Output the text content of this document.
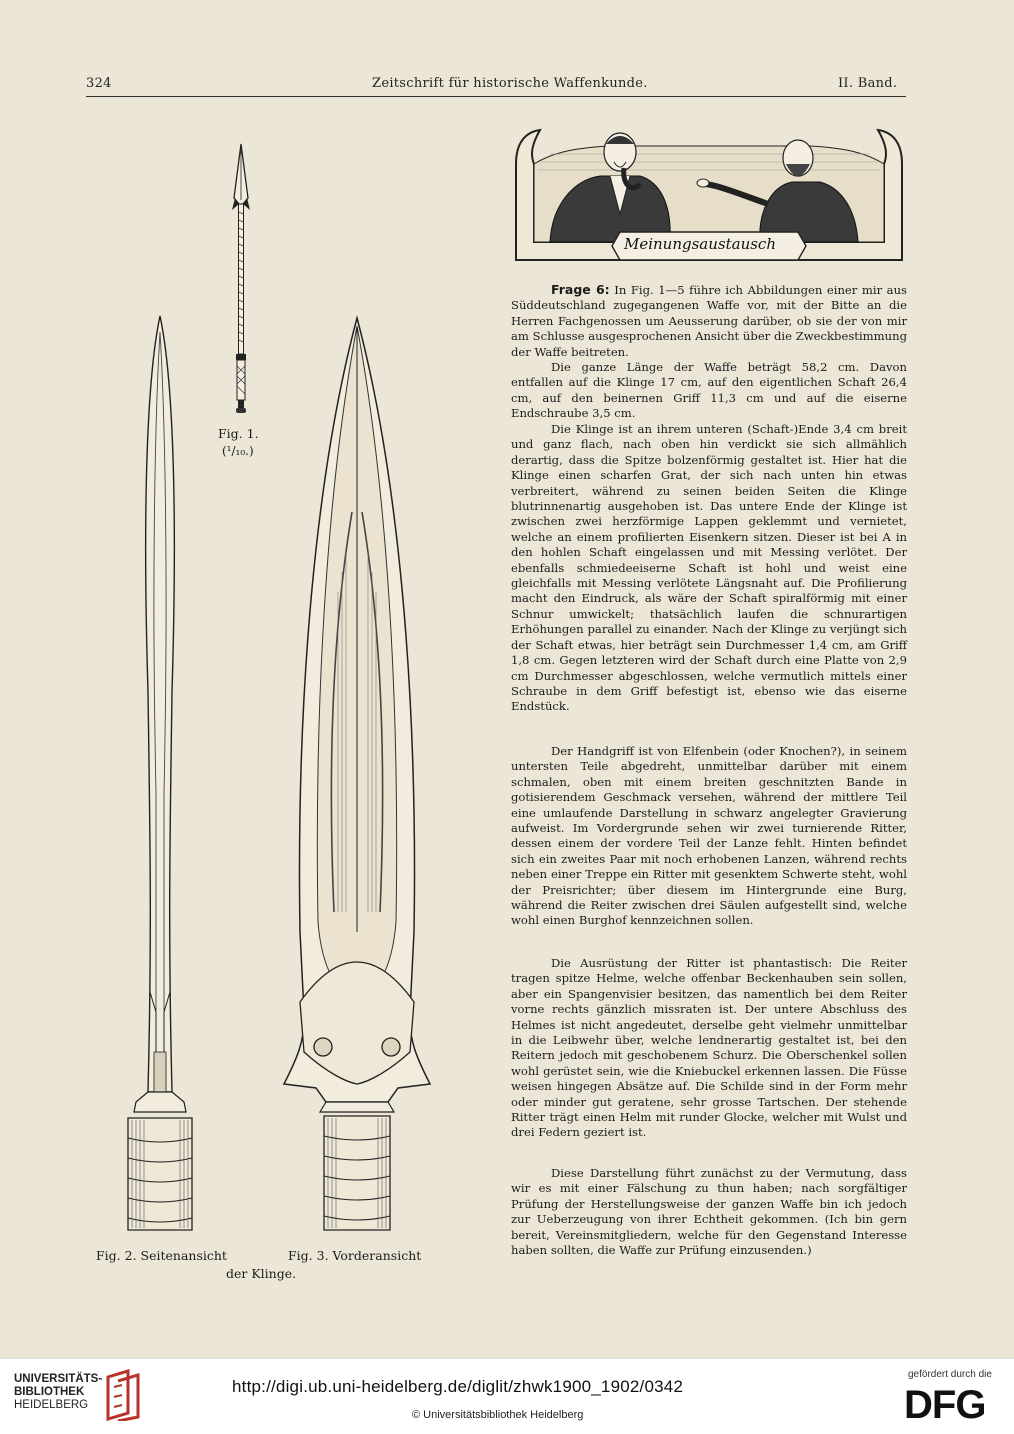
324	Zeitschrift für historische Waffenkunde.	II. Band.
Fig. 1.
(¹/₁₀.)
Fig. 2. Seitenansicht	Fig. 3. Vorderansicht
der Klinge.
Meinungsaustausch

Frage 6: In Fig. 1—5 führe ich Abbildungen einer mir aus Süddeutschland zugegangenen Waffe vor, mit der Bitte an die Herren Fachgenossen um Aeusserung darüber, ob sie der von mir am Schlusse ausgesprochenen Ansicht über die Zweckbestimmung der Waffe beitreten.

Die ganze Länge der Waffe beträgt 58,2 cm. Davon entfallen auf die Klinge 17 cm, auf den eigentlichen Schaft 26,4 cm, auf den beinernen Griff 11,3 cm und auf die eiserne Endschraube 3,5 cm.

Die Klinge ist an ihrem unteren (Schaft-)Ende 3,4 cm breit und ganz flach, nach oben hin verdickt sie sich allmählich derartig, dass die Spitze bolzenförmig gestaltet ist. Hier hat die Klinge einen scharfen Grat, der sich nach unten hin etwas verbreitert, während zu seinen beiden Seiten die Klinge blutrinnenartig ausgehoben ist. Das untere Ende der Klinge ist zwischen zwei herzförmige Lappen geklemmt und vernietet, welche an einem profilierten Eisenkern sitzen. Dieser ist bei A in den hohlen Schaft eingelassen und mit Messing verlötet. Der ebenfalls schmiedeeiserne Schaft ist hohl und weist eine gleichfalls mit Messing verlötete Längsnaht auf. Die Profilierung macht den Eindruck, als wäre der Schaft spiralförmig mit einer Schnur umwickelt; thatsächlich laufen die schnurartigen Erhöhungen parallel zu einander. Nach der Klinge zu verjüngt sich der Schaft etwas, hier beträgt sein Durchmesser 1,4 cm, am Griff 1,8 cm. Gegen letzteren wird der Schaft durch eine Platte von 2,9 cm Durchmesser abgeschlossen, welche vermutlich mittels einer Schraube in dem Griff befestigt ist, ebenso wie das eiserne Endstück.

Der Handgriff ist von Elfenbein (oder Knochen?), in seinem untersten Teile abgedreht, unmittelbar darüber mit einem schmalen, oben mit einem breiten geschnitzten Bande in gotisierendem Geschmack versehen, während der mittlere Teil eine umlaufende Darstellung in schwarz angelegter Gravierung aufweist. Im Vordergrunde sehen wir zwei turnierende Ritter, dessen einem der vordere Teil der Lanze fehlt. Hinten befindet sich ein zweites Paar mit noch erhobenen Lanzen, während rechts neben einer Treppe ein Ritter mit gesenktem Schwerte steht, wohl der Preisrichter; über diesem im Hintergrunde eine Burg, während die Reiter zwischen drei Säulen aufgestellt sind, welche wohl einen Burghof kennzeichnen sollen.

Die Ausrüstung der Ritter ist phantastisch: Die Reiter tragen spitze Helme, welche offenbar Beckenhauben sein sollen, aber ein Spangenvisier besitzen, das namentlich bei dem Reiter vorne rechts gänzlich missraten ist. Der untere Abschluss des Helmes ist nicht angedeutet, derselbe geht vielmehr unmittelbar in die Leibwehr über, welche lendnerartig gestaltet ist, bei den Reitern jedoch mit geschobenem Schurz. Die Oberschenkel sollen wohl gerüstet sein, wie die Kniebuckel erkennen lassen. Die Füsse weisen hingegen Absätze auf. Die Schilde sind in der Form mehr oder minder gut geratene, sehr grosse Tartschen. Der stehende Ritter trägt einen Helm mit runder Glocke, welcher mit Wulst und drei Federn geziert ist.

Diese Darstellung führt zunächst zu der Vermutung, dass wir es mit einer Fälschung zu thun haben; nach sorgfältiger Prüfung der Herstellungsweise der ganzen Waffe bin ich jedoch zur Ueberzeugung von ihrer Echtheit gekommen. (Ich bin gern bereit, Vereinsmitgliedern, welche für den Gegenstand Interesse haben sollten, die Waffe zur Prüfung einzusenden.)

UNIVERSITÄTS-
BIBLIOTHEK
HEIDELBERG
http://digi.ub.uni-heidelberg.de/diglit/zhwk1900_1902/0342
© Universitätsbibliothek Heidelberg
gefördert durch die
DFG
